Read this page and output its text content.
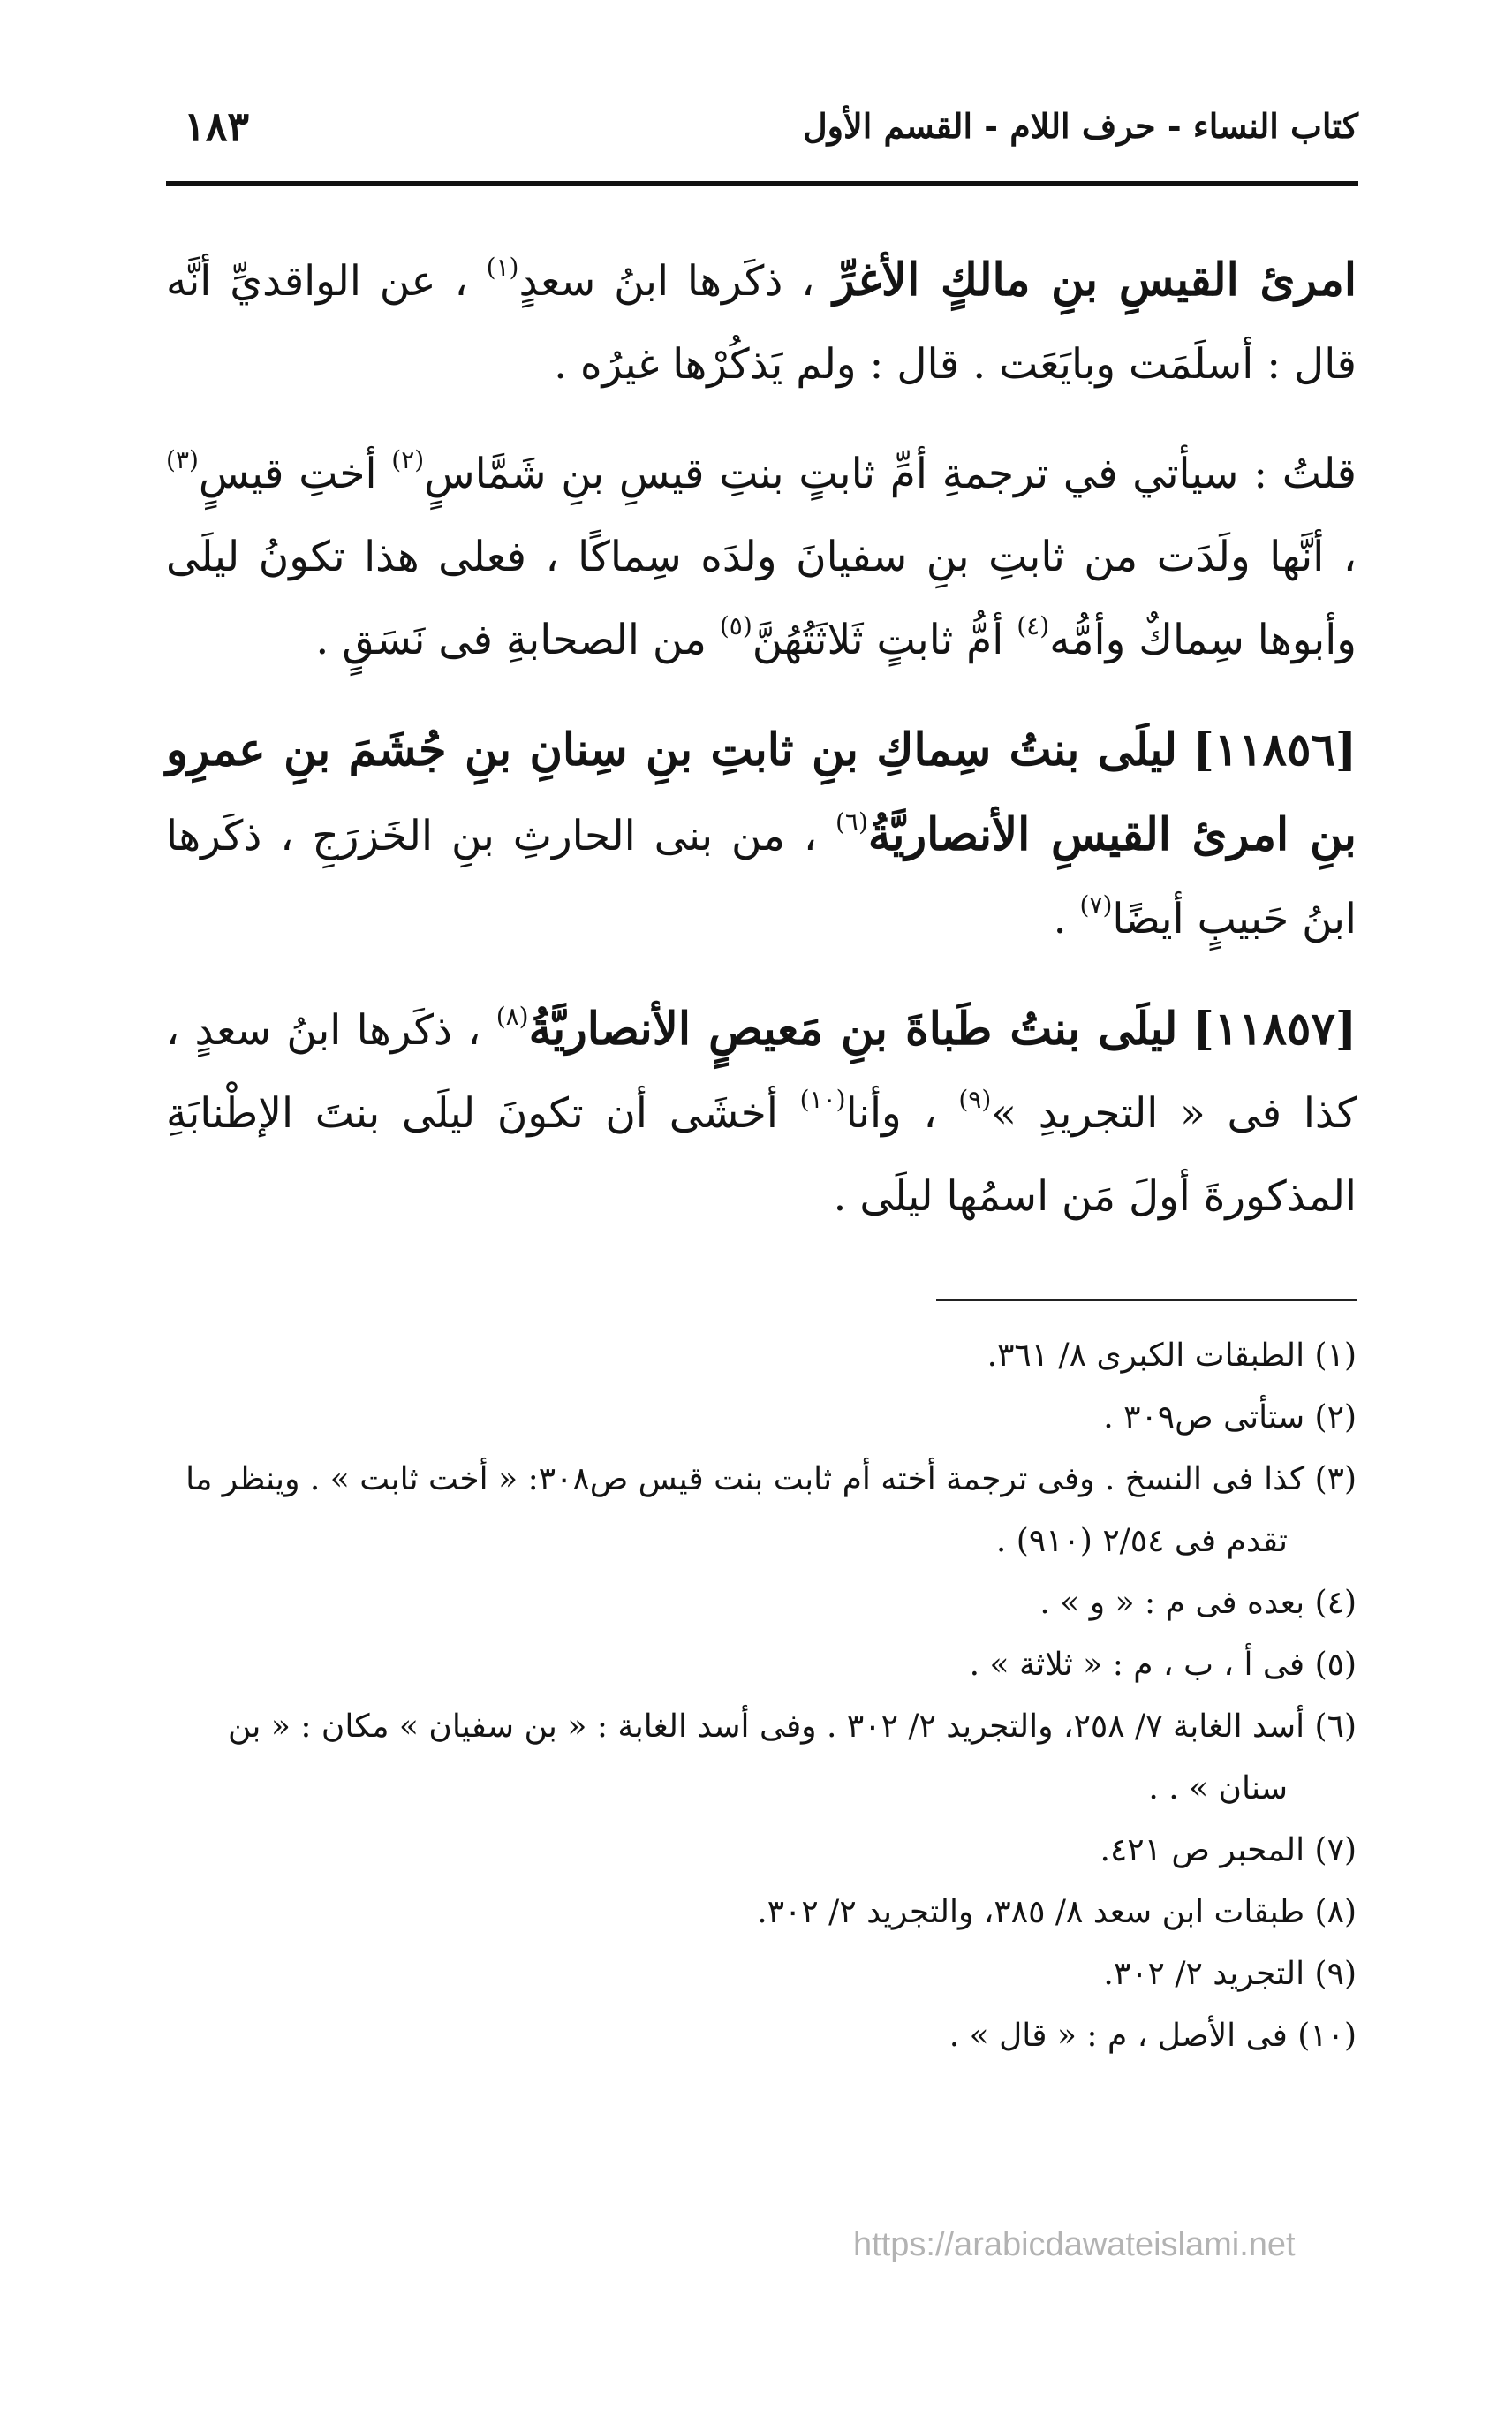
كتاب النساء - حرف اللام - القسم الأول
١٨٣

امرئ القيسِ بنِ مالكٍ الأغرِّ ، ذكَرها ابنُ سعدٍ$^{(١)}$ ، عن الواقديِّ أنَّه قال : أسلَمَت وبايَعَت . قال : ولم يَذكُرْها غيرُه .

قلتُ : سيأتي في ترجمةِ أمِّ ثابتٍ بنتِ قيسِ بنِ شَمَّاسٍ$^{(٢)}$ أختِ قيسٍ$^{(٣)}$ ، أنَّها ولَدَت من ثابتِ بنِ سفيانَ ولدَه سِماكًا ، فعلى هذا تكونُ ليلَى وأبوها سِماكٌ وأمُّه$^{(٤)}$ أمُّ ثابتٍ ثَلاثَتُهُنَّ$^{(٥)}$ من الصحابةِ فى نَسَقٍ .

[١١٨٥٦] ليلَى بنتُ سِماكِ بنِ ثابتِ بنِ سِنانِ بنِ جُشَمَ بنِ عمرِو بنِ امرئ القيسِ الأنصاريَّةُ$^{(٦)}$ ، من بنى الحارثِ بنِ الخَزرَجِ ، ذكَرها ابنُ حَبيبٍ أيضًا$^{(٧)}$ .

[١١٨٥٧] ليلَى بنتُ طَباةَ بنِ مَعيصٍ الأنصاريَّةُ$^{(٨)}$ ، ذكَرها ابنُ سعدٍ ، كذا فى « التجريدِ »$^{(٩)}$ ، وأنا$^{(١٠)}$ أخشَى أن تكونَ ليلَى بنتَ الإطْنابَةِ المذكورةَ أولَ مَن اسمُها ليلَى .

(١) الطبقات الكبرى ٨/ ٣٦١.

(٢) ستأتى ص٣٠٩ .

(٣) كذا فى النسخ . وفى ترجمة أخته أم ثابت بنت قيس ص٣٠٨: « أخت ثابت » . وينظر ما

تقدم فى ٢/٥٤ (٩١٠) .

(٤) بعده فى م : « و » .

(٥) فى أ ، ب ، م : « ثلاثة » .

(٦) أسد الغابة ٧/ ٢٥٨، والتجريد ٢/ ٣٠٢ . وفى أسد الغابة : « بن سفيان » مكان : « بن

سنان » . .

(٧) المحبر ص ٤٢١.

(٨) طبقات ابن سعد ٨/ ٣٨٥، والتجريد ٢/ ٣٠٢.

(٩) التجريد ٢/ ٣٠٢.

(١٠) فى الأصل ، م : « قال » .

https://arabicdawateislami.net
